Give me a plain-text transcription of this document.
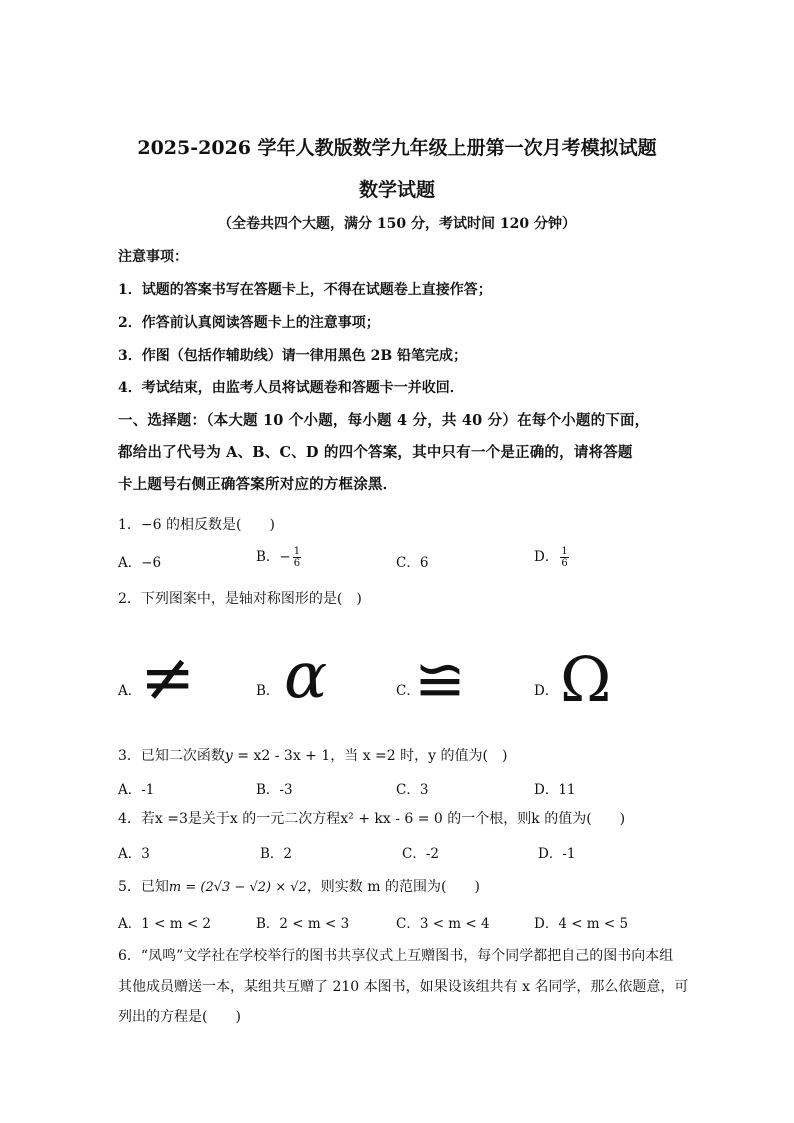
2025-2026 学年人教版数学九年级上册第一次月考模拟试题
数学试题
（全卷共四个大题，满分 150 分，考试时间 120 分钟）
注意事项：
1．试题的答案书写在答题卡上，不得在试题卷上直接作答；
2．作答前认真阅读答题卡上的注意事项；
3．作图（包括作辅助线）请一律用黑色 2B 铅笔完成；
4．考试结束，由监考人员将试题卷和答题卡一并收回．
一、选择题：（本大题 10 个小题，每小题 4 分，共 40 分）在每个小题的下面，
都给出了代号为 A、B、C、D 的四个答案，其中只有一个是正确的，请将答题
卡上题号右侧正确答案所对应的方框涂黑．
1．−6 的相反数是(　　)
A．−6	B．− $\frac{1}{6}$	C．6	D． $\frac{1}{6}$
2．下列图案中，是轴对称图形的是(　)
A．
≠	B． α	C．
≌	D． Ω
3．已知二次函数y = x2 - 3x + 1，当 x =2 时，y 的值为(　)
A．-1	B．-3	C．3	D．11
4．若x =3是关于x 的一元二次方程x² + kx - 6 = 0 的一个根，则k 的值为(　　)
A．3	B．2	C．-2	D．-1
5．已知m = (2√3 − √2) × √2，则实数 m 的范围为(　　)
A．1 < m < 2	B．2 < m < 3	C．3 < m < 4	D．4 < m < 5
6．“凤鸣”文学社在学校举行的图书共享仪式上互赠图书，每个同学都把自己的图书向本组
其他成员赠送一本，某组共互赠了 210 本图书，如果设该组共有 x 名同学，那么依题意，可
列出的方程是(　　)
